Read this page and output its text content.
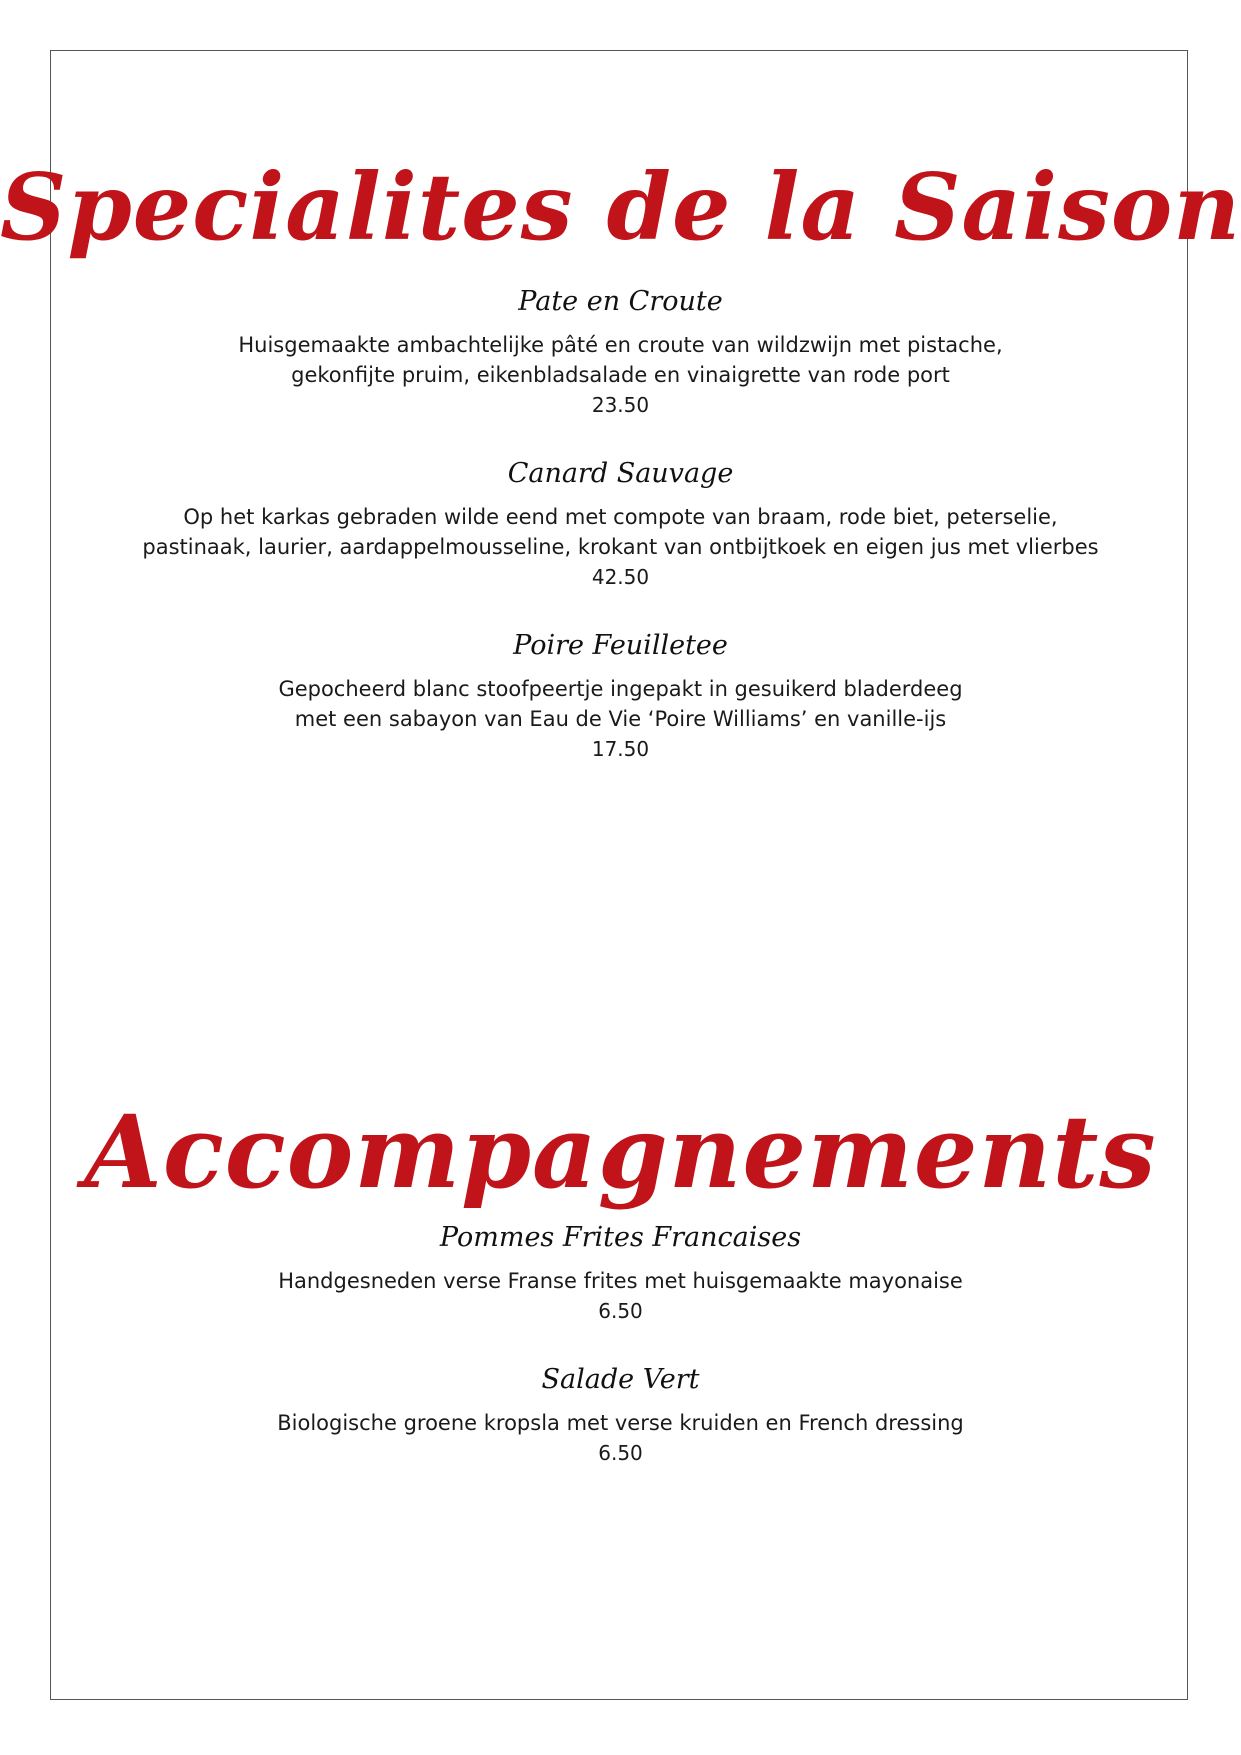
Specialites de la Saison
Pate en Croute
Huisgemaakte ambachtelijke pâté en croute van wildzwijn met pistache,
gekonfijte pruim, eikenbladsalade en vinaigrette van rode port
23.50
Canard Sauvage
Op het karkas gebraden wilde eend met compote van braam, rode biet, peterselie,
pastinaak, laurier, aardappelmousseline, krokant van ontbijtkoek en eigen jus met vlierbes
42.50
Poire Feuilletee
Gepocheerd blanc stoofpeertje ingepakt in gesuikerd bladerdeeg
met een sabayon van Eau de Vie ‘Poire Williams’ en vanille-ijs
17.50
Accompagnements
Pommes Frites Francaises
Handgesneden verse Franse frites met huisgemaakte mayonaise
6.50
Salade Vert
Biologische groene kropsla met verse kruiden en French dressing
6.50
